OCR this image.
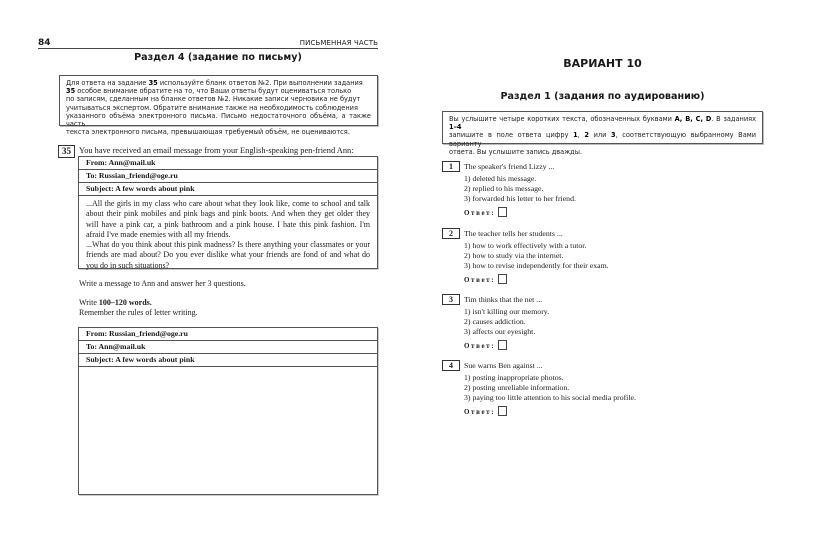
84	ПИСЬМЕННАЯ ЧАСТЬ
Раздел 4 (задание по письму)
Для ответа на задание 35 используйте бланк ответов №2. При выполнении задания
35 особое внимание обратите на то, что Ваши ответы будут оцениваться только
по записям, сделанным на бланке ответов №2. Никакие записи черновика не будут
учитываться экспертом. Обратите внимание также на необходимость соблюдения
указанного объёма электронного письма. Письмо недостаточного объёма, а также часть
текста электронного письма, превышающая требуемый объём, не оцениваются.
35 You have received an email message from your English-speaking pen-friend Ann:
From: Ann@mail.uk
To: Russian_friend@oge.ru
Subject: A few words about pink

...All the girls in my class who care about what they look like, come to school and talk about their pink mobiles and pink bags and pink boots. And when they get older they will have a pink car, a pink bathroom and a pink house. I hate this pink fashion. I'm afraid I've made enemies with all my friends.

...What do you think about this pink madness? Is there anything your classmates or your friends are mad about? Do you ever dislike what your friends are fond of and what do you do in such situations?

Write a message to Ann and answer her 3 questions.
Write 100–120 words.
Remember the rules of letter writing.
From: Russian_friend@oge.ru
To: Ann@mail.uk
Subject: A few words about pink
ВАРИАНТ 10
Раздел 1 (задания по аудированию)
Вы услышите четыре коротких текста, обозначенных буквами A, B, C, D. В заданиях 1–4
запишите в поле ответа цифру 1, 2 или 3, соответствующую выбранному Вами варианту
ответа. Вы услышите запись дважды.
1	The speaker's friend Lizzy ...
1) deleted his message.
2) replied to his message.
3) forwarded his letter to her friend.
Ответ:
2	The teacher tells her students ...
1) how to work effectively with a tutor.
2) how to study via the internet.
3) how to revise independently for their exam.
Ответ:
3	Tim thinks that the net ...
1) isn't killing our memory.
2) causes addiction.
3) affects our eyesight.
Ответ:
4	Sue warns Ben against ...
1) posting inappropriate photos.
2) posting unreliable information.
3) paying too little attention to his social media profile.
Ответ:
